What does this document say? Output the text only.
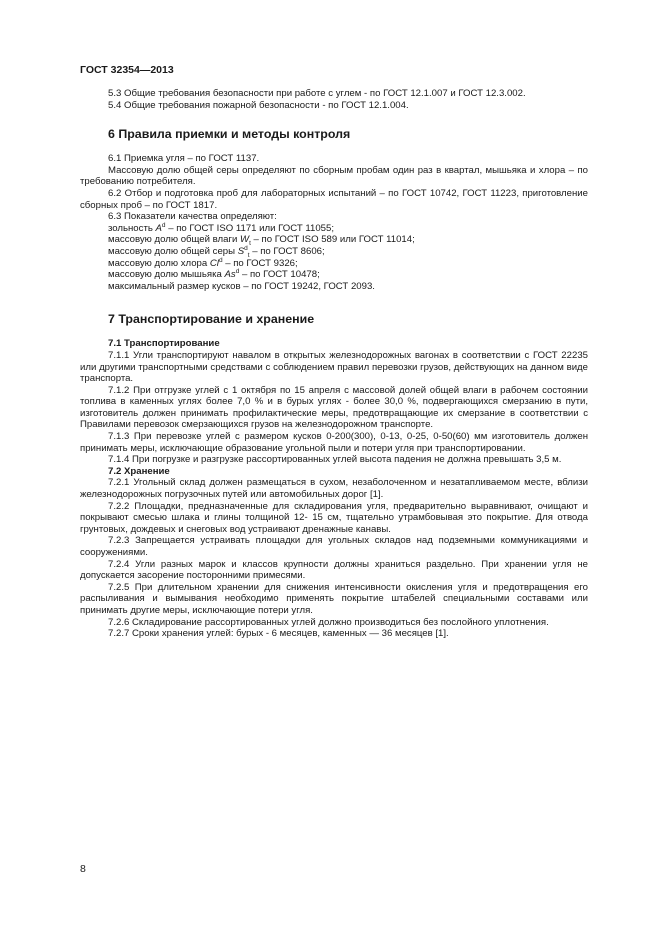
ГОСТ 32354—2013

5.3 Общие требования безопасности при работе с углем - по ГОСТ 12.1.007 и ГОСТ 12.3.002.

5.4 Общие требования пожарной безопасности - по ГОСТ 12.1.004.

6 Правила приемки и методы контроля

6.1 Приемка угля – по ГОСТ 1137.

Массовую долю общей серы определяют по сборным пробам один раз в квартал, мышьяка и хлора – по требованию потребителя.

6.2 Отбор и подготовка проб для лабораторных испытаний – по ГОСТ 10742, ГОСТ 11223, приготовление сборных проб – по ГОСТ 1817.

6.3 Показатели качества определяют:

зольность $A^d$ – по ГОСТ ISO 1171 или ГОСТ 11055;

массовую долю общей влаги $W_t$ – по ГОСТ ISO 589 или ГОСТ 11014;

массовую долю общей серы $S^d_t$ – по ГОСТ 8606;

массовую долю хлора Cl$^d$ – по ГОСТ 9326;

массовую долю мышьяка As$^d$ – по ГОСТ 10478;

максимальный размер кусков – по ГОСТ 19242, ГОСТ 2093.

7 Транспортирование и хранение

7.1 Транспортирование

7.1.1 Угли транспортируют навалом в открытых железнодорожных вагонах в соответствии с ГОСТ 22235 или другими транспортными средствами с соблюдением правил перевозки грузов, действующих на данном виде транспорта.

7.1.2 При отгрузке углей с 1 октября по 15 апреля с массовой долей общей влаги в рабочем состоянии топлива в каменных углях более 7,0 % и в бурых углях - более 30,0 %, подвергающихся смерзанию в пути, изготовитель должен принимать профилактические меры, предотвращающие их смерзание в соответствии с Правилами перевозок смерзающихся грузов на железнодорожном транспорте.

7.1.3 При перевозке углей с размером кусков 0-200(300), 0-13, 0-25, 0-50(60) мм изготовитель должен принимать меры, исключающие образование угольной пыли и потери угля при транспортировании.

7.1.4 При погрузке и разгрузке рассортированных углей высота падения не должна превышать 3,5 м.

7.2 Хранение

7.2.1 Угольный склад должен размещаться в сухом, незаболоченном и незатапливаемом месте, вблизи железнодорожных погрузочных путей или автомобильных дорог [1].

7.2.2 Площадки, предназначенные для складирования угля, предварительно выравнивают, очищают и покрывают смесью шлака и глины толщиной 12- 15 см, тщательно утрамбовывая это покрытие. Для отвода грунтовых, дождевых и снеговых вод устраивают дренажные канавы.

7.2.3 Запрещается устраивать площадки для угольных складов над подземными коммуникациями и сооружениями.

7.2.4 Угли разных марок и классов крупности должны храниться раздельно. При хранении угля не допускается засорение посторонними примесями.

7.2.5 При длительном хранении для снижения интенсивности окисления угля и предотвращения его распыливания и вымывания необходимо применять покрытие штабелей специальными составами или принимать другие меры, исключающие потери угля.

7.2.6 Складирование рассортированных углей должно производиться без послойного уплотнения.

7.2.7 Сроки хранения углей: бурых - 6 месяцев, каменных — 36 месяцев [1].

8
